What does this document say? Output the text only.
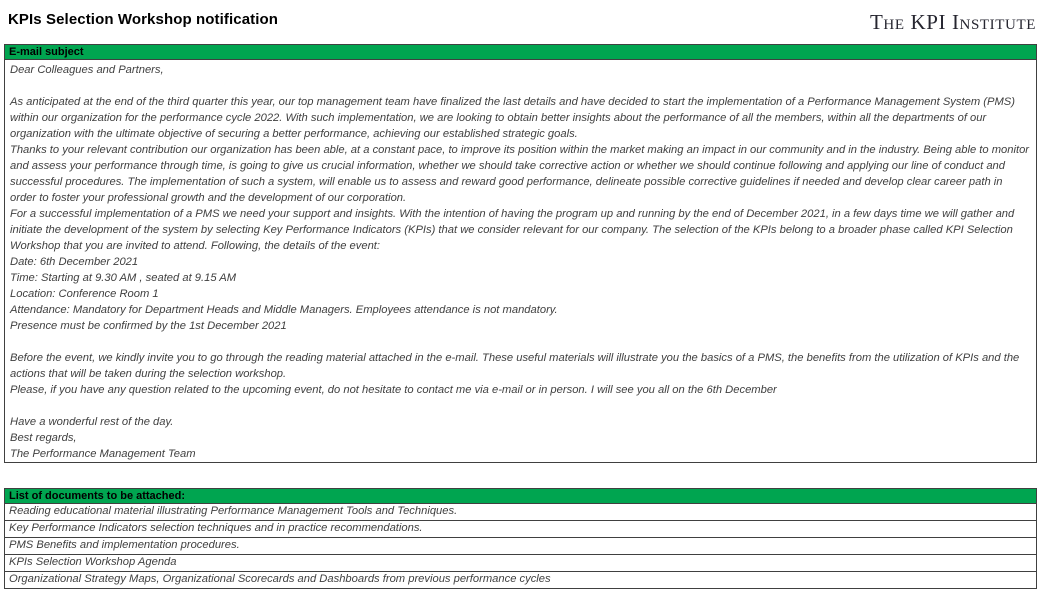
KPIs Selection Workshop notification	The KPI Institute
E-mail subject
Dear Colleagues and Partners,
As anticipated at the end of the third quarter this year, our top management team have finalized the last details and have decided to start the implementation of a Performance Management System (PMS) within our organization for the performance cycle 2022. With such implementation, we are looking to obtain better insights about the performance of all the members, within all the departments of our organization with the ultimate objective of securing a better performance, achieving our established strategic goals.
Thanks to your relevant contribution our organization has been able, at a constant pace, to improve its position within the market making an impact in our community and in the industry. Being able to monitor and assess your performance through time, is going to give us crucial information, whether we should take corrective action or whether we should continue following and applying our line of conduct and successful procedures. The implementation of such a system, will enable us to assess and reward good performance, delineate possible corrective guidelines if needed and develop clear career path in order to foster your professional growth and the development of our corporation.
For a successful implementation of a PMS we need your support and insights. With the intention of having the program up and running by the end of December 2021, in a few days time we will gather and initiate the development of the system by selecting Key Performance Indicators (KPIs) that we consider relevant for our company. The selection of the KPIs belong to a broader phase called KPI Selection Workshop that you are invited to attend. Following, the details of the event:
Date: 6th December 2021
Time: Starting at 9.30 AM , seated at 9.15 AM
Location: Conference Room 1
Attendance: Mandatory for Department Heads and Middle Managers. Employees attendance is not mandatory.
Presence must be confirmed by the 1st December 2021
Before the event, we kindly invite you to go through the reading material attached in the e-mail. These useful materials will illustrate you the basics of a PMS, the benefits from the utilization of KPIs and the actions that will be taken during the selection workshop.
Please, if you have any question related to the upcoming event, do not hesitate to contact me via e-mail or in person. I will see you all on the 6th December
Have a wonderful rest of the day.
Best regards,
The Performance Management Team
List of documents to be attached:
Reading educational material illustrating Performance Management Tools and Techniques.
Key Performance Indicators selection techniques and in practice recommendations.
PMS Benefits and implementation procedures.
KPIs Selection Workshop Agenda
Organizational Strategy Maps, Organizational Scorecards and Dashboards from previous performance cycles
